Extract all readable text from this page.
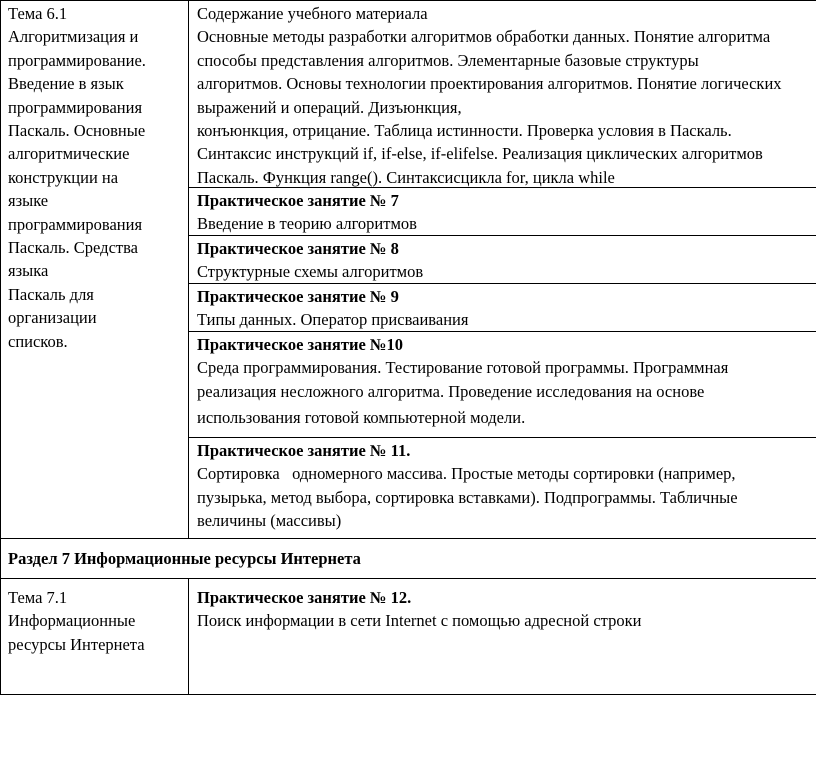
Тема 6.1
Алгоритмизация и
программирование.
Введение в язык
программирования
Паскаль. Основные
алгоритмические
конструкции на
языке
программирования
Паскаль. Средства
языка
Паскаль для
организации
списков.
Содержание учебного материала
Основные методы разработки алгоритмов обработки данных. Понятие алгоритма
способы представления алгоритмов. Элементарные базовые структуры
алгоритмов. Основы технологии проектирования алгоритмов. Понятие логических
выражений и операций. Дизъюнкция,
конъюнкция, отрицание. Таблица истинности. Проверка условия в Паскаль.
Синтаксис инструкций if, if-else, if-elifelse. Реализация циклических алгоритмов
Паскаль. Функция range(). Синтаксисцикла for, цикла while
Практическое занятие № 7
Введение в теорию алгоритмов
Практическое занятие № 8
Структурные схемы алгоритмов
Практическое занятие № 9
Типы данных. Оператор присваивания
Практическое занятие №10
Среда программирования. Тестирование готовой программы. Программная
реализация несложного алгоритма. Проведение исследования на основе
использования готовой компьютерной модели.
Практическое занятие № 11.
Сортировка   одномерного массива. Простые методы сортировки (например,
пузырька, метод выбора, сортировка вставками). Подпрограммы. Табличные
величины (массивы)
Раздел 7 Информационные ресурсы Интернета
Тема 7.1
Информационные
ресурсы Интернета
Практическое занятие № 12.
Поиск информации в сети Internet с помощью адресной строки
